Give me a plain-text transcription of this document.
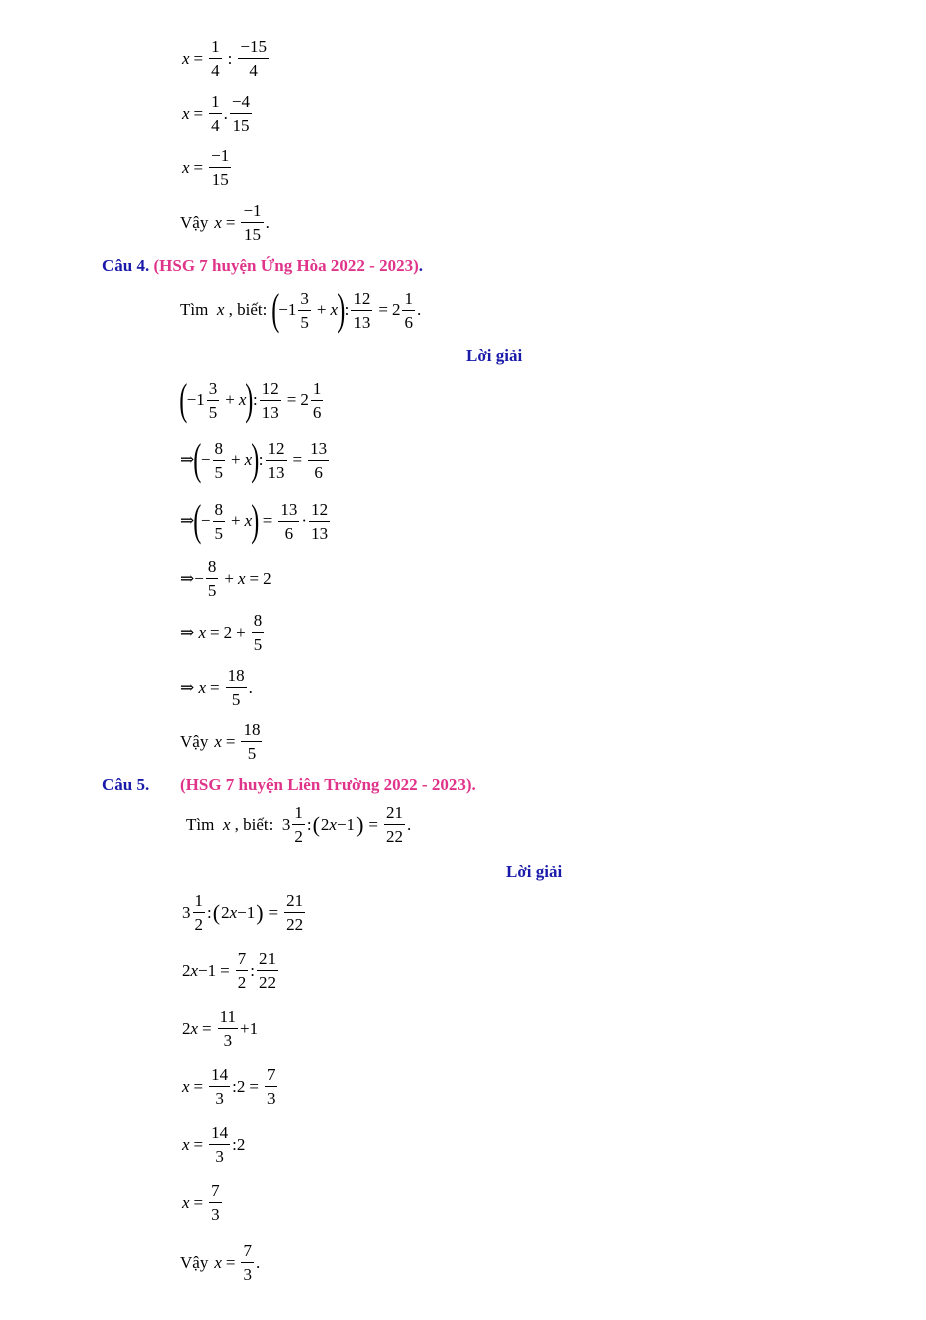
$x = \frac{1}{4}$ : $\frac{-15}{4}$
$x = \frac{1}{4}$ . $\frac{-4}{15}$
$x = \frac{-1}{15}$
Vậy $x = \frac{-1}{15}$ .
Câu 4. (HSG 7 huyện Ứng Hòa 2022 - 2023).
Tìm
x
, biết:
( $-1 \frac{3}{5} + x$ ) : $\frac{12}{13} = 2 \frac{1}{6}$ .
Lời giải
( $-1 \frac{3}{5} + x$ ) : $\frac{12}{13} = 2 \frac{1}{6}$
⇒ ( − $\frac{8}{5} + x$ ) : $\frac{12}{13} = \frac{13}{6}$
⇒ ( − $\frac{8}{5} + x$ ) = $\frac{13}{6} \cdot \frac{12}{13}$
⇒− $\frac{8}{5} + x = 2$
⇒ $x = 2 + \frac{8}{5}$
⇒ $x = \frac{18}{5}$ .
Vậy $x = \frac{18}{5}$
Câu 5. (HSG 7 huyện Liên Trường 2022 - 2023).
Tìm
x
, biết: $3 \frac{1}{2}$ : ( 2 x −1 ) = $\frac{21}{22}$ .
Lời giải
$3 \frac{1}{2}$ : ( 2 x −1 ) = $\frac{21}{22}$
2 $x -1 = \frac{7}{2}$ : $\frac{21}{22}$
2 $x = \frac{11}{3} +1$
$x = \frac{14}{3}$ :2 = $\frac{7}{3}$
$x = \frac{14}{3}$ :2
$x = \frac{7}{3}$
Vậy $x = \frac{7}{3}$ .
